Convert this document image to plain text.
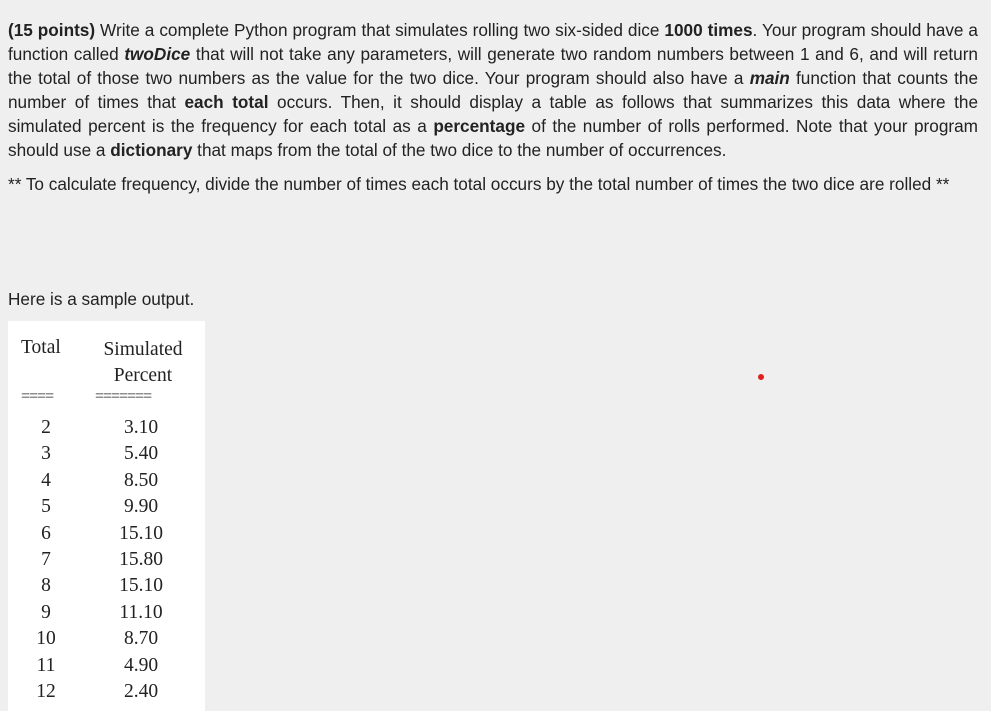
(15 points) Write a complete Python program that simulates rolling two six-sided dice 1000 times. Your program should have a function called twoDice that will not take any parameters, will generate two random numbers between 1 and 6, and will return the total of those two numbers as the value for the two dice. Your program should also have a main function that counts the number of times that each total occurs. Then, it should display a table as follows that summarizes this data where the simulated percent is the frequency for each total as a percentage of the number of rolls performed. Note that your program should use a dictionary that maps from the total of the two dice to the number of occurrences.

** To calculate frequency, divide the number of times each total occurs by the total number of times the two dice are rolled **

Here is a sample output.
Total	Simulated
Percent
====	=======
2	3.10
3	5.40
4	8.50
5	9.90
6	15.10
7	15.80
8	15.10
9	11.10
10	8.70
11	4.90
12	2.40
